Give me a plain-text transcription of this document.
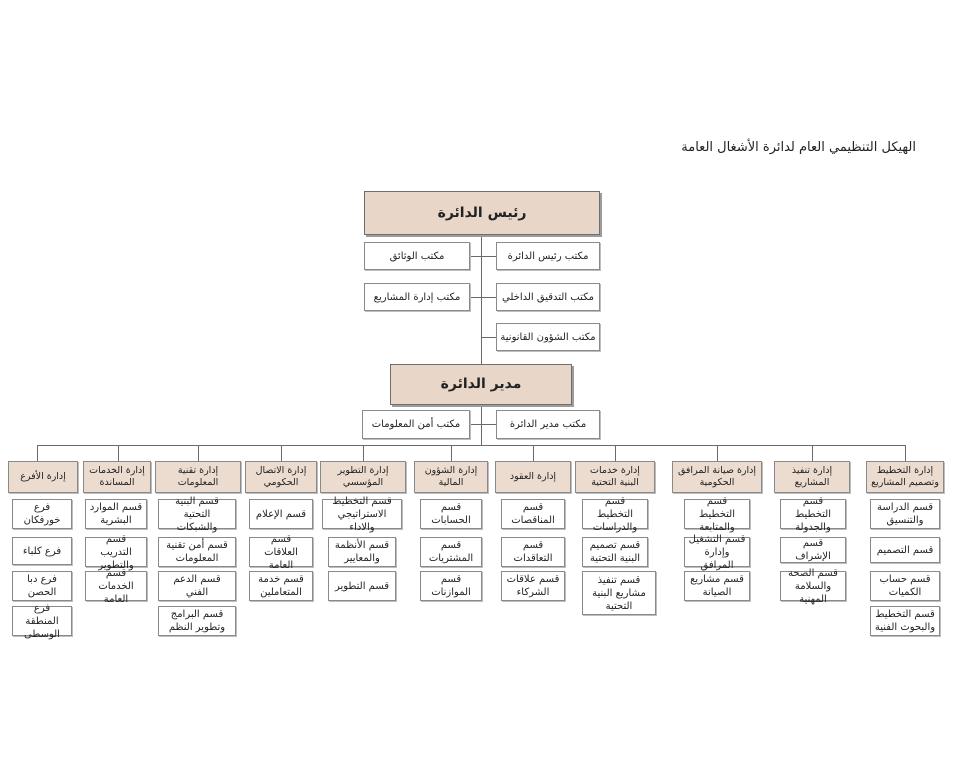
الهيكل التنظيمي العام لدائرة الأشغال العامة
رئيس الدائرة
مكتب رئيس الدائرة
مكتب التدقيق الداخلي
مكتب الشؤون القانونية
مكتب الوثائق
مكتب إدارة المشاريع
مدير الدائرة
مكتب مدير الدائرة
مكتب أمن المعلومات
إدارة التخطيط وتصميم المشاريع
قسم الدراسة والتنسيق
قسم التصميم
قسم حساب الكميات
قسم التخطيط والبحوث الفنية
إدارة تنفيذ المشاريع
قسم التخطيط والجدولة
قسم الإشراف
قسم الصحة والسلامة المهنية
إدارة صيانة المرافق الحكومية
قسم التخطيط والمتابعة
قسم التشغيل وإدارة المرافق
قسم مشاريع الصيانة
إدارة خدمات البنية التحتية
قسم التخطيط والدراسات
قسم تصميم البنية التحتية
قسم تنفيذ مشاريع البنية التحتية
إدارة العقود
قسم المناقصات
قسم التعاقدات
قسم علاقات الشركاء
إدارة الشؤون المالية
قسم الحسابات
قسم المشتريات
قسم الموازنات
إدارة التطوير المؤسسي
قسم التخطيط الاستراتيجي والاداء
قسم الأنظمة والمعايير
قسم التطوير
إدارة الاتصال الحكومي
قسم الإعلام
قسم العلاقات العامة
قسم خدمة المتعاملين
إدارة تقنية المعلومات
قسم البنية التحتية والشبكات
قسم أمن تقنية المعلومات
قسم الدعم الفني
قسم البرامج وتطوير النظم
إدارة الخدمات المساندة
قسم الموارد البشرية
قسم التدريب والتطوير
قسم الخدمات العامة
إدارة الأفرع
فرع خورفكان
فرع كلباء
فرع دبا الحصن
فرع المنطقة الوسطى
